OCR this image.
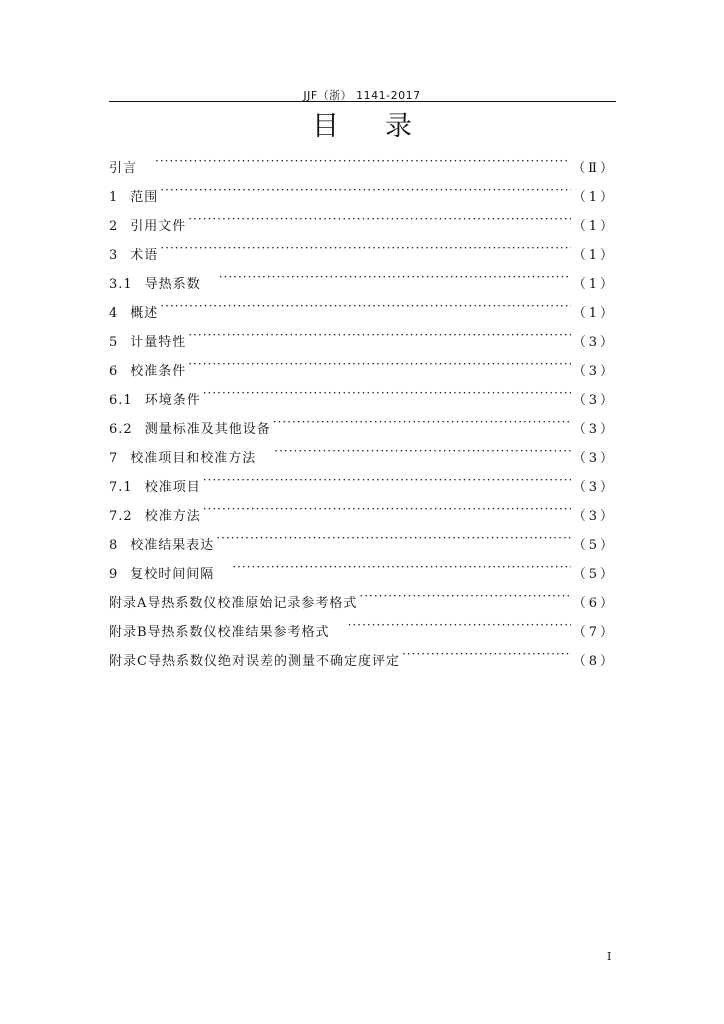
JJF（浙） 1141-2017
目录
引言 ·····	（Ⅱ）
1 范围 ·····	（1）
2 引用文件 ·····	（1）
3 术语 ·····	（1）
3.1 导热系数 ·····	（1）
4 概述 ·····	（1）
5 计量特性 ·····	（3）
6 校准条件 ·····	（3）
6.1 环境条件 ·····	（3）
6.2 测量标准及其他设备 ·····	（3）
7 校准项目和校准方法 ·····	（3）
7.1 校准项目 ·····	（3）
7.2 校准方法 ·····	（3）
8 校准结果表达 ·····	（5）
9 复校时间间隔 ·····	（5）
附录A导热系数仪校准原始记录参考格式 ·····	（6）
附录B导热系数仪校准结果参考格式 ·····	（7）
附录C导热系数仪绝对误差的测量不确定度评定 ·····	（8）
I
